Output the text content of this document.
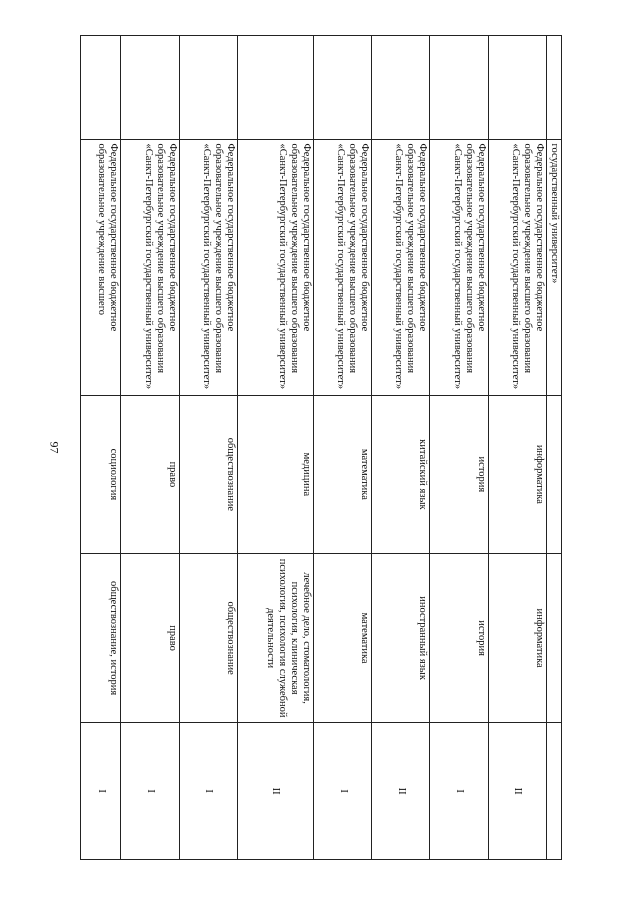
97
	государственный университет»			
	Федеральное государственное бюджетное образовательное учреждение высшего образования «Санкт-Петербургский государственный университет»	информатика	информатика	II
	Федеральное государственное бюджетное образовательное учреждение высшего образования «Санкт-Петербургский государственный университет»	история	история	I
	Федеральное государственное бюджетное образовательное учреждение высшего образования «Санкт-Петербургский государственный университет»	китайский язык	иностранный язык	II
	Федеральное государственное бюджетное образовательное учреждение высшего образования «Санкт-Петербургский государственный университет»	математика	математика	I
	Федеральное государственное бюджетное образовательное учреждение высшего образования «Санкт-Петербургский государственный университет»	медицина	лечебное дело, стоматология, психология, клиническая психология, психология служебной деятельности	II
	Федеральное государственное бюджетное образовательное учреждение высшего образования «Санкт-Петербургский государственный университет»	обществознание	обществознание	I
	Федеральное государственное бюджетное образовательное учреждение высшего образования «Санкт-Петербургский государственный университет»	право	право	I
	Федеральное государственное бюджетное образовательное учреждение высшего	социология	обществознание, история	I
